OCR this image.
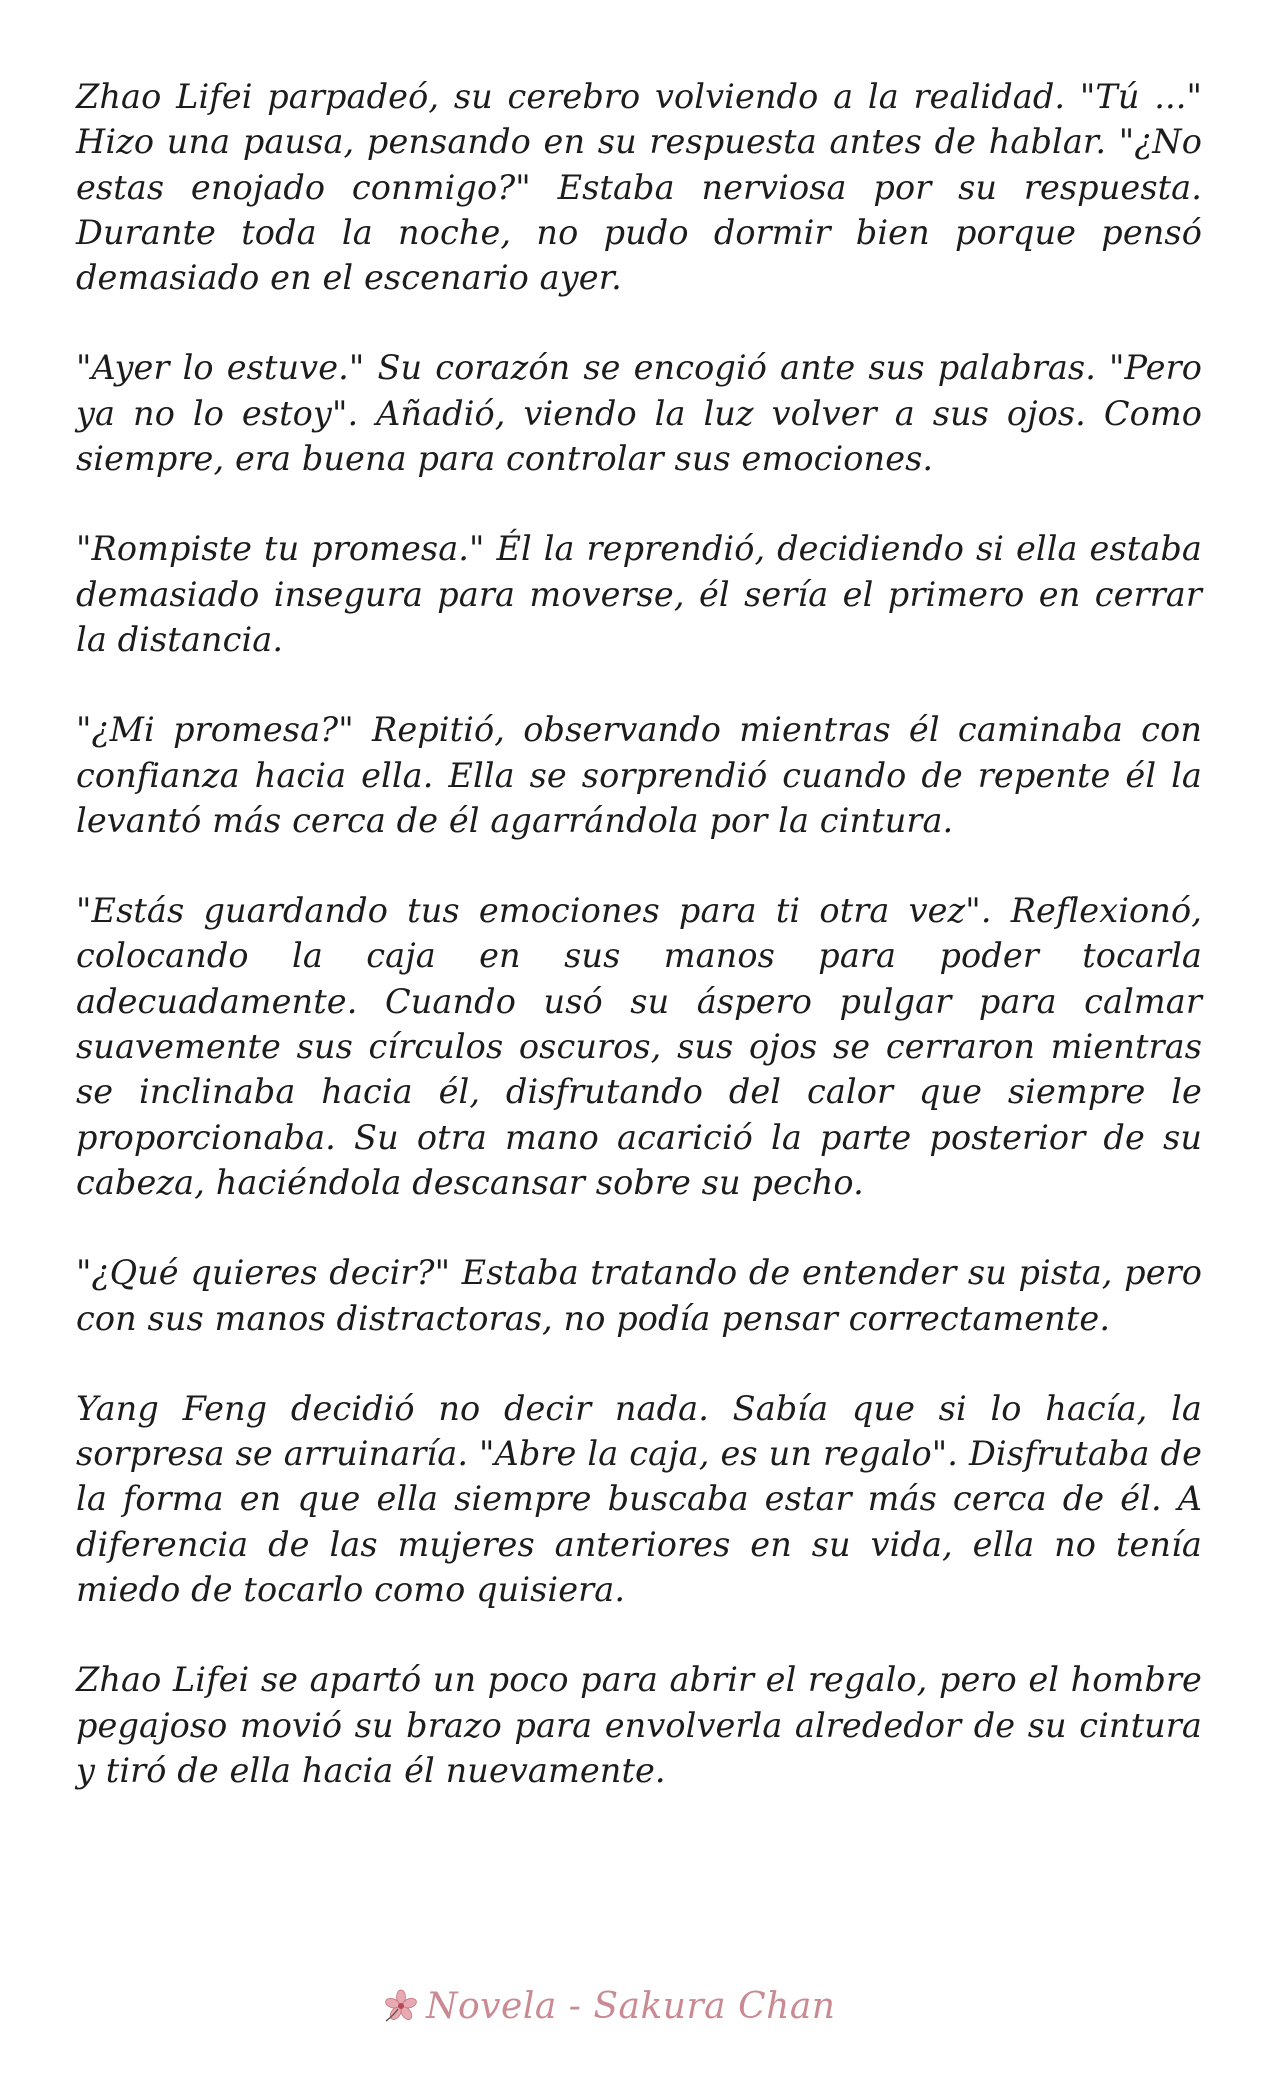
Zhao Lifei parpadeó, su cerebro volviendo a la realidad. "Tú ..." Hizo una pausa, pensando en su respuesta antes de hablar. "¿No estas enojado conmigo?" Estaba nerviosa por su respuesta. Durante toda la noche, no pudo dormir bien porque pensó demasiado en el escenario ayer.

"Ayer lo estuve." Su corazón se encogió ante sus palabras. "Pero ya no lo estoy". Añadió, viendo la luz volver a sus ojos. Como siempre, era buena para controlar sus emociones.

"Rompiste tu promesa." Él la reprendió, decidiendo si ella estaba demasiado insegura para moverse, él sería el primero en cerrar la distancia.

"¿Mi promesa?" Repitió, observando mientras él caminaba con confianza hacia ella. Ella se sorprendió cuando de repente él la levantó más cerca de él agarrándola por la cintura.

"Estás guardando tus emociones para ti otra vez". Reflexionó, colocando la caja en sus manos para poder tocarla adecuadamente. Cuando usó su áspero pulgar para calmar suavemente sus círculos oscuros, sus ojos se cerraron mientras se inclinaba hacia él, disfrutando del calor que siempre le proporcionaba. Su otra mano acarició la parte posterior de su cabeza, haciéndola descansar sobre su pecho.

"¿Qué quieres decir?" Estaba tratando de entender su pista, pero con sus manos distractoras, no podía pensar correctamente.

Yang Feng decidió no decir nada. Sabía que si lo hacía, la sorpresa se arruinaría. "Abre la caja, es un regalo". Disfrutaba de la forma en que ella siempre buscaba estar más cerca de él. A diferencia de las mujeres anteriores en su vida, ella no tenía miedo de tocarlo como quisiera.

Zhao Lifei se apartó un poco para abrir el regalo, pero el hombre pegajoso movió su brazo para envolverla alrededor de su cintura y tiró de ella hacia él nuevamente.

Novela - Sakura Chan
